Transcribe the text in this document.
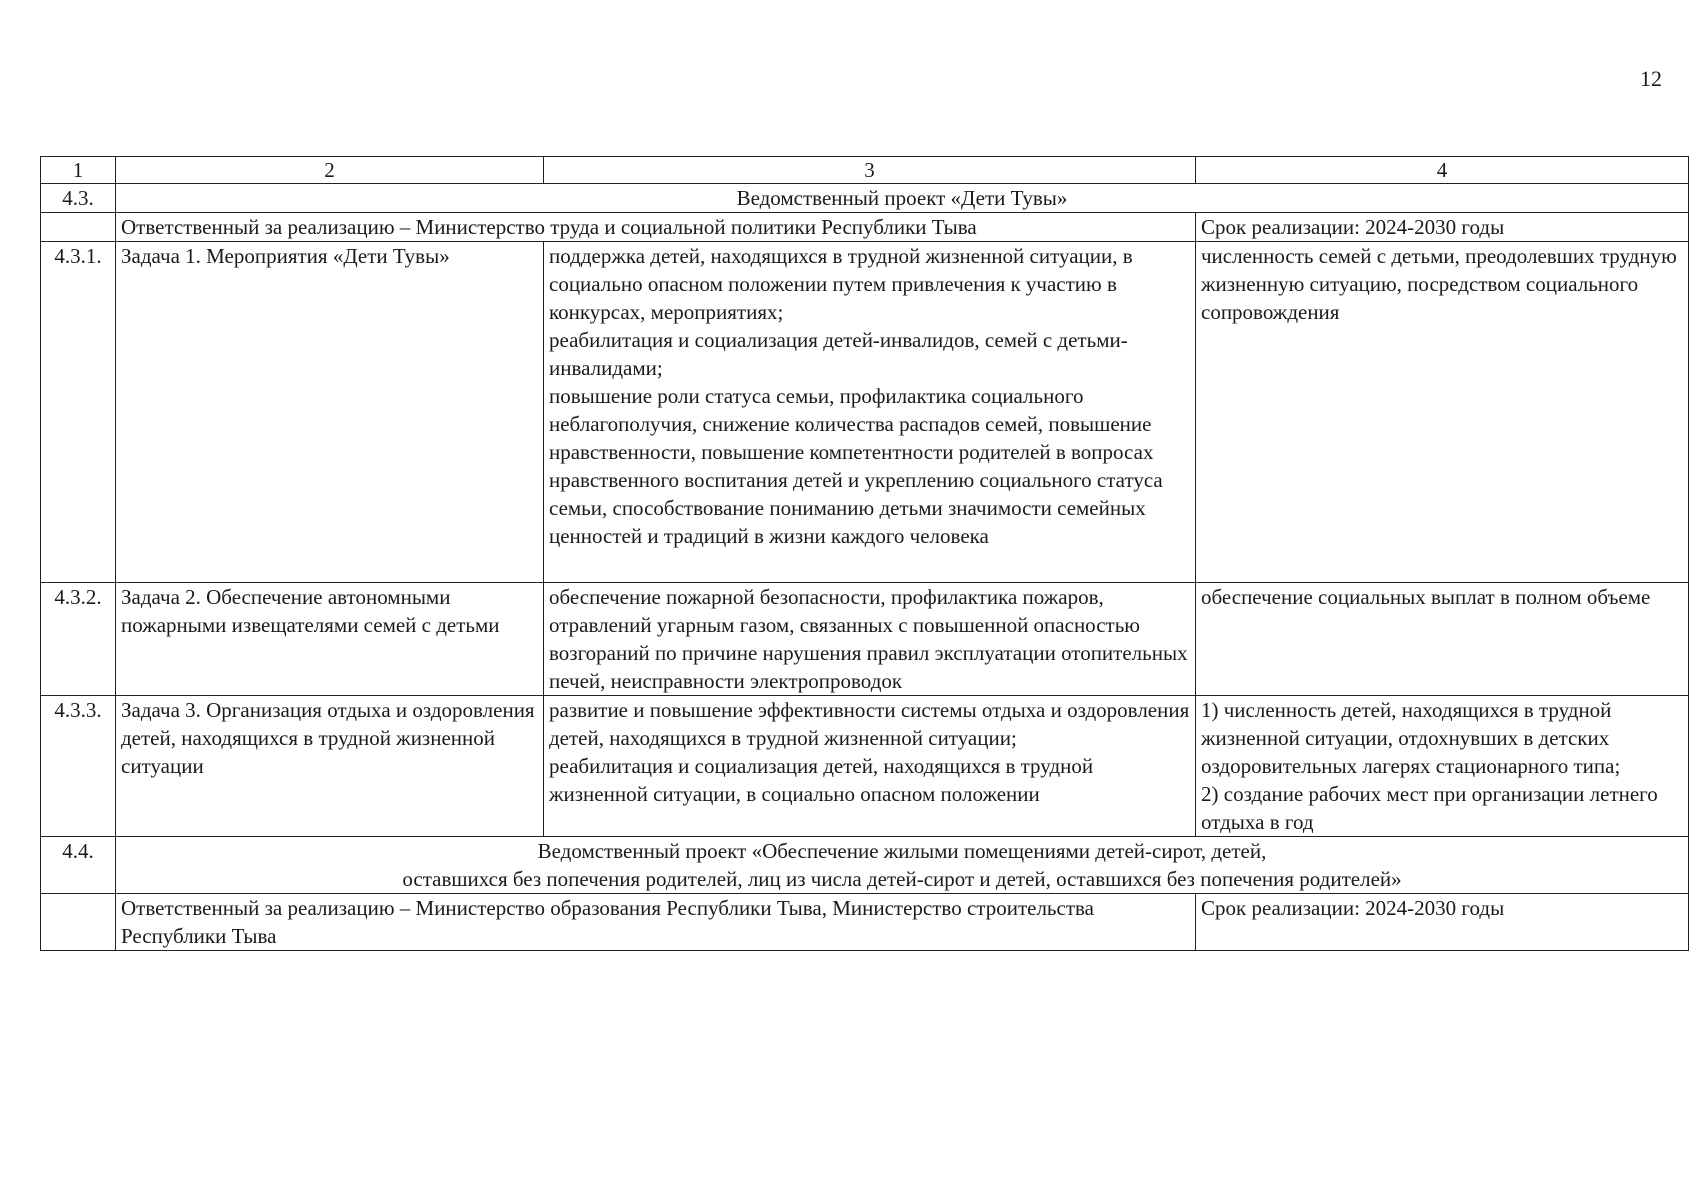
12
1	2	3	4
4.3.	Ведомственный проект «Дети Тувы»		
	Ответственный за реализацию – Министерство труда и социальной политики Республики Тыва		Срок реализации: 2024-2030 годы
4.3.1.	Задача 1. Мероприятия «Дети Тувы»	поддержка детей, находящихся в трудной жизненной ситуации, в социально опасном положении путем привлечения к участию в конкурсах, мероприятиях;
реабилитация и социализация детей-инвалидов, семей с детьми-инвалидами;
повышение роли статуса семьи, профилактика социального неблагополучия, снижение количества распадов семей, повышение нравственности, повышение компетентности родителей в вопросах нравственного воспитания детей и укреплению социального статуса семьи, способствование пониманию детьми значимости семейных ценностей и традиций в жизни каждого человека	численность семей с детьми, преодолевших трудную жизненную ситуацию, посредством социального сопровождения
4.3.2.	Задача 2. Обеспечение автономными пожарными извещателями семей с детьми	обеспечение пожарной безопасности, профилактика пожаров, отравлений угарным газом, связанных с повышенной опасностью возгораний по причине нарушения правил эксплуатации отопительных печей, неисправности электропроводок	обеспечение социальных выплат в полном объеме
4.3.3.	Задача 3. Организация отдыха и оздоровления детей, находящихся в трудной жизненной ситуации	развитие и повышение эффективности системы отдыха и оздоровления детей, находящихся в трудной жизненной ситуации;
реабилитация и социализация детей, находящихся в трудной жизненной ситуации, в социально опасном положении	1) численность детей, находящихся в трудной жизненной ситуации, отдохнувших в детских оздоровительных лагерях стационарного типа;
2) создание рабочих мест при организации летнего отдыха в год
4.4.	Ведомственный проект «Обеспечение жилыми помещениями детей-сирот, детей,
оставшихся без попечения родителей, лиц из числа детей-сирот и детей, оставшихся без попечения родителей»		
	Ответственный за реализацию – Министерство образования Республики Тыва, Министерство строительства Республики Тыва		Срок реализации: 2024-2030 годы
